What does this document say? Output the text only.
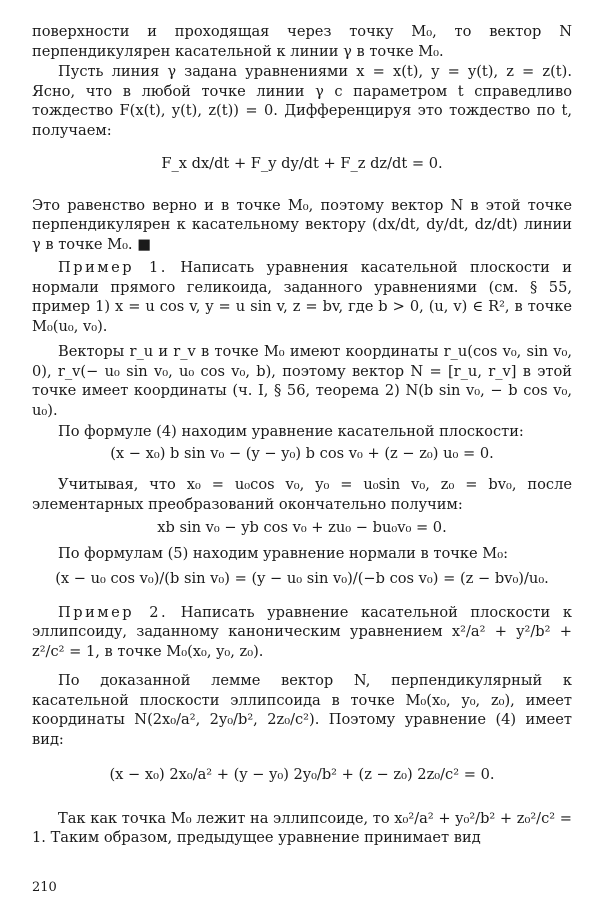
поверхности и проходящая через точку M₀, то вектор N перпендикулярен касательной к линии γ в точке M₀.

Пусть линия γ задана уравнениями x = x(t), y = y(t), z = z(t). Ясно, что в любой точке линии γ с параметром t справедливо тождество F(x(t), y(t), z(t)) = 0. Дифференцируя это тождество по t, получаем:

F_x dx/dt + F_y dy/dt + F_z dz/dt = 0.

Это равенство верно и в точке M₀, поэтому вектор N в этой точке перпендикулярен к касательному вектору (dx/dt, dy/dt, dz/dt) линии γ в точке M₀. ■

Пример 1. Написать уравнения касательной плоскости и нормали прямого геликоида, заданного уравнениями (см. § 55, пример 1) x = u cos v, y = u sin v, z = bv, где b > 0, (u, v) ∈ R², в точке M₀(u₀, v₀).

Векторы r_u и r_v в точке M₀ имеют координаты r_u(cos v₀, sin v₀, 0), r_v(− u₀ sin v₀, u₀ cos v₀, b), поэтому вектор N = [r_u, r_v] в этой точке имеет координаты (ч. I, § 56, теорема 2) N(b sin v₀, − b cos v₀, u₀).

По формуле (4) находим уравнение касательной плоскости:

(x − x₀) b sin v₀ − (y − y₀) b cos v₀ + (z − z₀) u₀ = 0.

Учитывая, что x₀ = u₀cos v₀, y₀ = u₀sin v₀, z₀ = bv₀, после элементарных преобразований окончательно получим:

xb sin v₀ − yb cos v₀ + zu₀ − bu₀v₀ = 0.

По формулам (5) находим уравнение нормали в точке M₀:

(x − u₀ cos v₀)/(b sin v₀) = (y − u₀ sin v₀)/(−b cos v₀) = (z − bv₀)/u₀.

Пример 2. Написать уравнение касательной плоскости к эллипсоиду, заданному каноническим уравнением x²/a² + y²/b² + z²/c² = 1, в точке M₀(x₀, y₀, z₀).

По доказанной лемме вектор N, перпендикулярный к касательной плоскости эллипсоида в точке M₀(x₀, y₀, z₀), имеет координаты N(2x₀/a², 2y₀/b², 2z₀/c²). Поэтому уравнение (4) имеет вид:

(x − x₀) 2x₀/a² + (y − y₀) 2y₀/b² + (z − z₀) 2z₀/c² = 0.

Так как точка M₀ лежит на эллипсоиде, то x₀²/a² + y₀²/b² + z₀²/c² = 1. Таким образом, предыдущее уравнение принимает вид

210
